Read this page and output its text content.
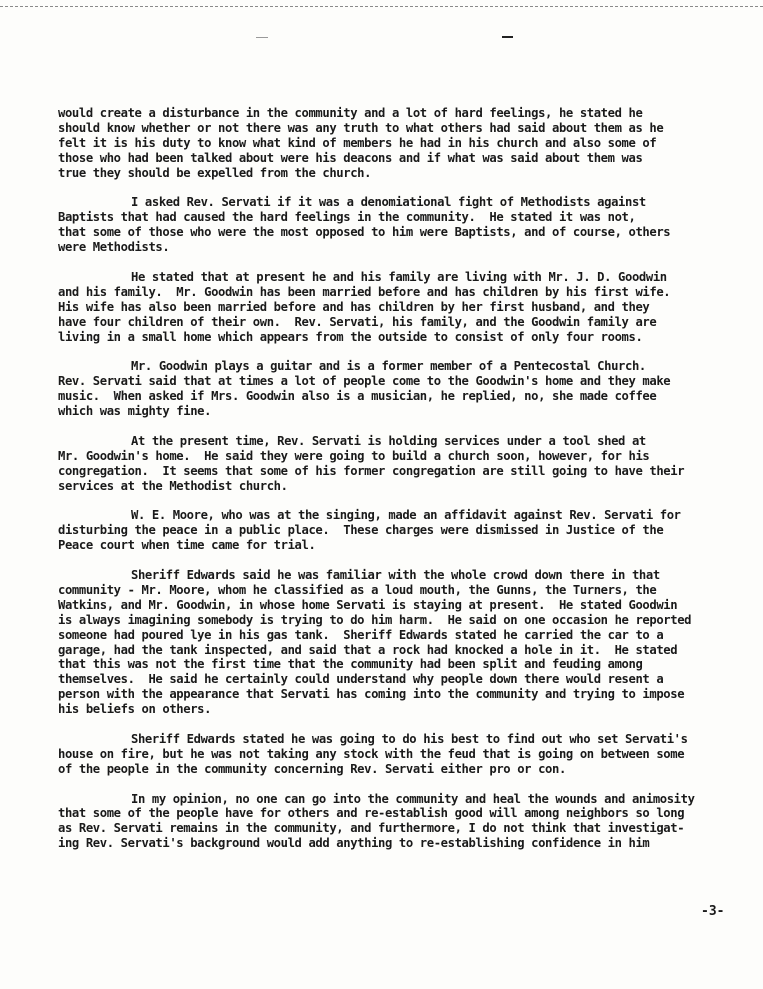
would create a disturbance in the community and a lot of hard feelings, he stated he
should know whether or not there was any truth to what others had said about them as he
felt it is his duty to know what kind of members he had in his church and also some of
those who had been talked about were his deacons and if what was said about them was
true they should be expelled from the church.
I asked Rev. Servati if it was a denomiational fight of Methodists against
Baptists that had caused the hard feelings in the community.  He stated it was not,
that some of those who were the most opposed to him were Baptists, and of course, others
were Methodists.
He stated that at present he and his family are living with Mr. J. D. Goodwin
and his family.  Mr. Goodwin has been married before and has children by his first wife.
His wife has also been married before and has children by her first husband, and they
have four children of their own.  Rev. Servati, his family, and the Goodwin family are
living in a small home which appears from the outside to consist of only four rooms.
Mr. Goodwin plays a guitar and is a former member of a Pentecostal Church.
Rev. Servati said that at times a lot of people come to the Goodwin's home and they make
music.  When asked if Mrs. Goodwin also is a musician, he replied, no, she made coffee
which was mighty fine.
At the present time, Rev. Servati is holding services under a tool shed at
Mr. Goodwin's home.  He said they were going to build a church soon, however, for his
congregation.  It seems that some of his former congregation are still going to have their
services at the Methodist church.
W. E. Moore, who was at the singing, made an affidavit against Rev. Servati for
disturbing the peace in a public place.  These charges were dismissed in Justice of the
Peace court when time came for trial.
Sheriff Edwards said he was familiar with the whole crowd down there in that
community - Mr. Moore, whom he classified as a loud mouth, the Gunns, the Turners, the
Watkins, and Mr. Goodwin, in whose home Servati is staying at present.  He stated Goodwin
is always imagining somebody is trying to do him harm.  He said on one occasion he reported
someone had poured lye in his gas tank.  Sheriff Edwards stated he carried the car to a
garage, had the tank inspected, and said that a rock had knocked a hole in it.  He stated
that this was not the first time that the community had been split and feuding among
themselves.  He said he certainly could understand why people down there would resent a
person with the appearance that Servati has coming into the community and trying to impose
his beliefs on others.
Sheriff Edwards stated he was going to do his best to find out who set Servati's
house on fire, but he was not taking any stock with the feud that is going on between some
of the people in the community concerning Rev. Servati either pro or con.
In my opinion, no one can go into the community and heal the wounds and animosity
that some of the people have for others and re-establish good will among neighbors so long
as Rev. Servati remains in the community, and furthermore, I do not think that investigat-
ing Rev. Servati's background would add anything to re-establishing confidence in him
-3-
